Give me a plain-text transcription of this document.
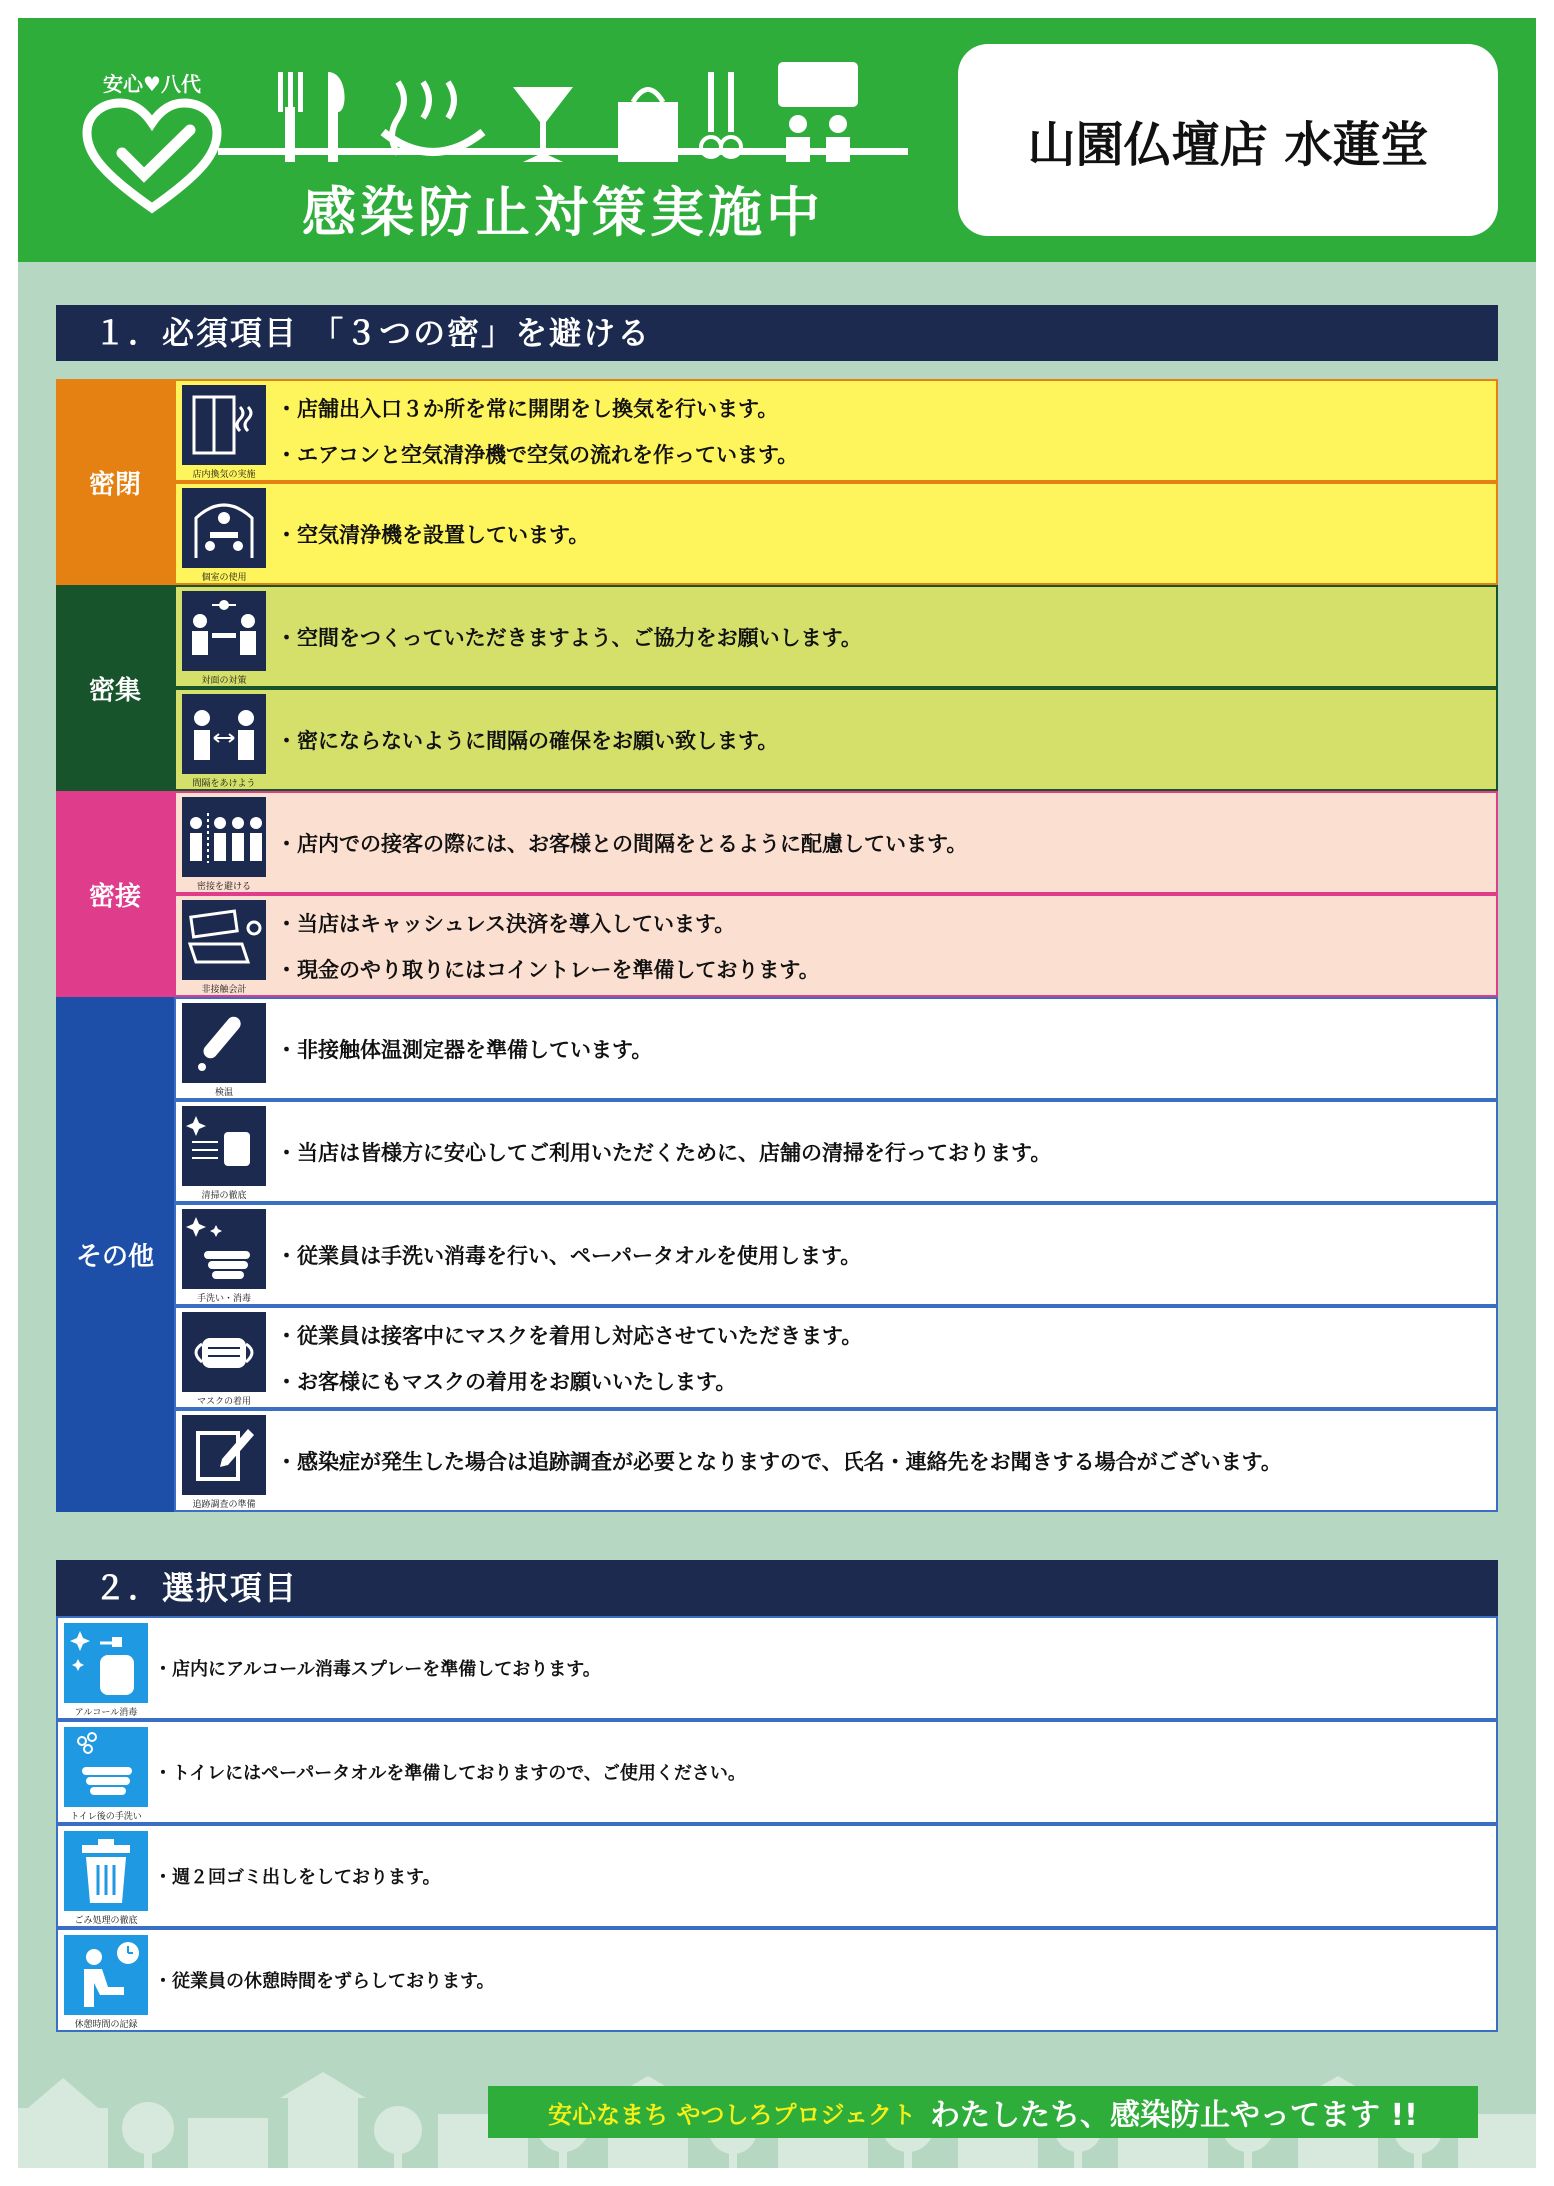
安心♥八代
感染防止対策実施中
山園仏壇店 水蓮堂
１．必須項目 「３つの密」を避ける
密閉	店内換気の実施
・店舗出入口３か所を常に開閉をし換気を行います。
・エアコンと空気清浄機で空気の流れを作っています。
個室の使用
・空気清浄機を設置しています。
密集	対面の対策
・空間をつくっていただきますよう、ご協力をお願いします。
間隔をあけよう
・密にならないように間隔の確保をお願い致します。
密接	密接を避ける
・店内での接客の際には、お客様との間隔をとるように配慮しています。
非接触会計
・当店はキャッシュレス決済を導入しています。
・現金のやり取りにはコイントレーを準備しております。
その他
検温
・非接触体温測定器を準備しています。
清掃の徹底
・当店は皆様方に安心してご利用いただくために、店舗の清掃を行っております。
手洗い・消毒
・従業員は手洗い消毒を行い、ペーパータオルを使用します。
マスクの着用
・従業員は接客中にマスクを着用し対応させていただきます。
・お客様にもマスクの着用をお願いいたします。
追跡調査の準備
・感染症が発生した場合は追跡調査が必要となりますので、氏名・連絡先をお聞きする場合がございます。
２．選択項目
アルコール消毒
・店内にアルコール消毒スプレーを準備しております。
トイレ後の手洗い
・トイレにはペーパータオルを準備しておりますので、ご使用ください。
ごみ処理の徹底
・週２回ゴミ出しをしております。
休憩時間の記録
・従業員の休憩時間をずらしております。
安心なまち やつしろプロジェクト わたしたち、感染防止やってます !!
